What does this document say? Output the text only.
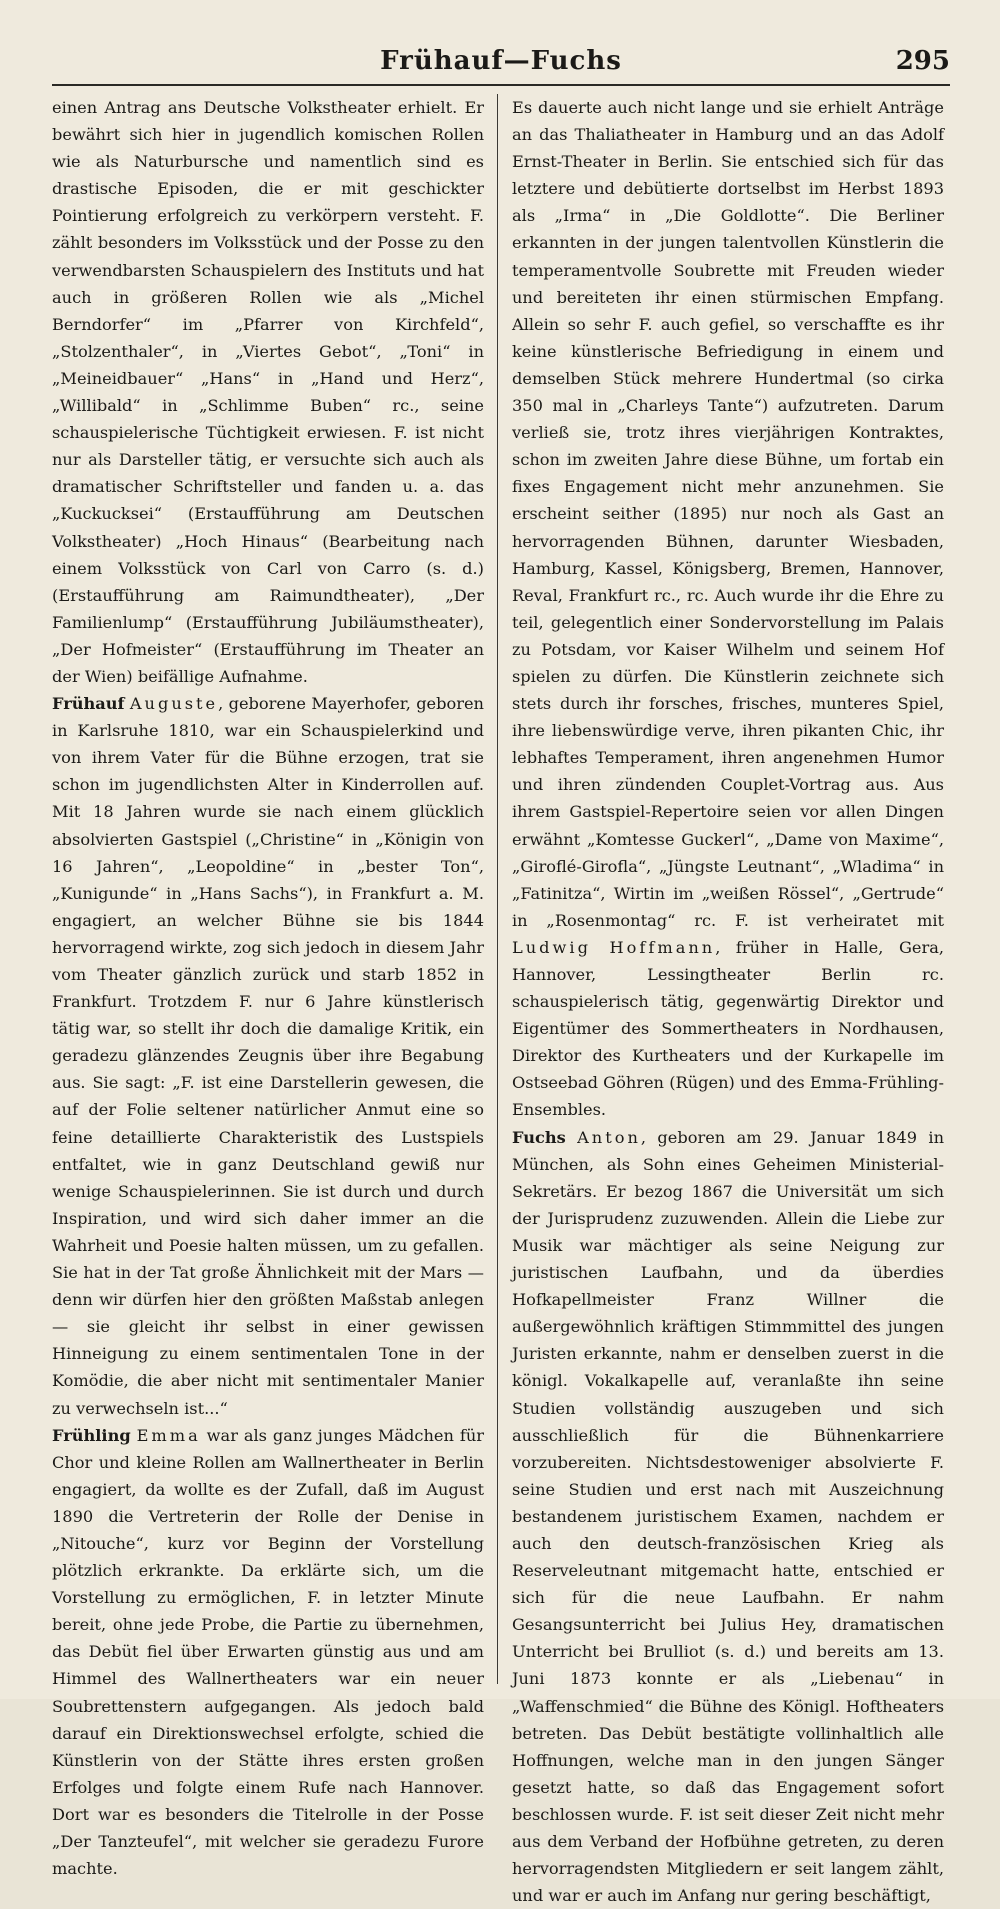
Frühauf—Fuchs	295

einen Antrag ans Deutsche Volkstheater erhielt. Er bewährt sich hier in jugendlich komischen Rollen wie als Naturbursche und namentlich sind es drastische Episoden, die er mit geschickter Pointierung erfolgreich zu verkörpern versteht. F. zählt besonders im Volksstück und der Posse zu den verwendbarsten Schauspielern des Instituts und hat auch in größeren Rollen wie als „Michel Berndorfer“ im „Pfarrer von Kirchfeld“, „Stolzenthaler“, in „Viertes Gebot“, „Toni“ in „Meineidbauer“ „Hans“ in „Hand und Herz“, „Willibald“ in „Schlimme Buben“ rc., seine schauspielerische Tüchtigkeit erwiesen. F. ist nicht nur als Darsteller tätig, er versuchte sich auch als dramatischer Schriftsteller und fanden u. a. das „Kuckucksei“ (Erstaufführung am Deutschen Volkstheater) „Hoch Hinaus“ (Bearbeitung nach einem Volksstück von Carl von Carro (s. d.) (Erstaufführung am Raimundtheater), „Der Familienlump“ (Erstaufführung Jubiläumstheater), „Der Hofmeister“ (Erstaufführung im Theater an der Wien) beifällige Aufnahme.

Frühauf Auguste, geborene Mayerhofer, geboren in Karlsruhe 1810, war ein Schauspielerkind und von ihrem Vater für die Bühne erzogen, trat sie schon im jugendlichsten Alter in Kinderrollen auf. Mit 18 Jahren wurde sie nach einem glücklich absolvierten Gastspiel („Christine“ in „Königin von 16 Jahren“, „Leopoldine“ in „bester Ton“, „Kunigunde“ in „Hans Sachs“), in Frankfurt a. M. engagiert, an welcher Bühne sie bis 1844 hervorragend wirkte, zog sich jedoch in diesem Jahr vom Theater gänzlich zurück und starb 1852 in Frankfurt. Trotzdem F. nur 6 Jahre künstlerisch tätig war, so stellt ihr doch die damalige Kritik, ein geradezu glänzendes Zeugnis über ihre Begabung aus. Sie sagt: „F. ist eine Darstellerin gewesen, die auf der Folie seltener natürlicher Anmut eine so feine detaillierte Charakteristik des Lustspiels entfaltet, wie in ganz Deutschland gewiß nur wenige Schauspielerinnen. Sie ist durch und durch Inspiration, und wird sich daher immer an die Wahrheit und Poesie halten müssen, um zu gefallen. Sie hat in der Tat große Ähnlichkeit mit der Mars — denn wir dürfen hier den größten Maßstab anlegen — sie gleicht ihr selbst in einer gewissen Hinneigung zu einem sentimentalen Tone in der Komödie, die aber nicht mit sentimentaler Manier zu verwechseln ist...“

Frühling Emma war als ganz junges Mädchen für Chor und kleine Rollen am Wallnertheater in Berlin engagiert, da wollte es der Zufall, daß im August 1890 die Vertreterin der Rolle der Denise in „Nitouche“, kurz vor Beginn der Vorstellung plötzlich erkrankte. Da erklärte sich, um die Vorstellung zu ermöglichen, F. in letzter Minute bereit, ohne jede Probe, die Partie zu übernehmen, das Debüt fiel über Erwarten günstig aus und am Himmel des Wallnertheaters war ein neuer Soubrettenstern aufgegangen. Als jedoch bald darauf ein Direktionswechsel erfolgte, schied die Künstlerin von der Stätte ihres ersten großen Erfolges und folgte einem Rufe nach Hannover. Dort war es besonders die Titelrolle in der Posse „Der Tanzteufel“, mit welcher sie geradezu Furore machte.

Es dauerte auch nicht lange und sie erhielt Anträge an das Thaliatheater in Hamburg und an das Adolf Ernst-Theater in Berlin. Sie entschied sich für das letztere und debütierte dortselbst im Herbst 1893 als „Irma“ in „Die Goldlotte“. Die Berliner erkannten in der jungen talentvollen Künstlerin die temperamentvolle Soubrette mit Freuden wieder und bereiteten ihr einen stürmischen Empfang. Allein so sehr F. auch gefiel, so verschaffte es ihr keine künstlerische Befriedigung in einem und demselben Stück mehrere Hundertmal (so cirka 350 mal in „Charleys Tante“) aufzutreten. Darum verließ sie, trotz ihres vierjährigen Kontraktes, schon im zweiten Jahre diese Bühne, um fortab ein fixes Engagement nicht mehr anzunehmen. Sie erscheint seither (1895) nur noch als Gast an hervorragenden Bühnen, darunter Wiesbaden, Hamburg, Kassel, Königsberg, Bremen, Hannover, Reval, Frankfurt rc., rc. Auch wurde ihr die Ehre zu teil, gelegentlich einer Sondervorstellung im Palais zu Potsdam, vor Kaiser Wilhelm und seinem Hof spielen zu dürfen. Die Künstlerin zeichnete sich stets durch ihr forsches, frisches, munteres Spiel, ihre liebenswürdige verve, ihren pikanten Chic, ihr lebhaftes Temperament, ihren angenehmen Humor und ihren zündenden Couplet-Vortrag aus. Aus ihrem Gastspiel-Repertoire seien vor allen Dingen erwähnt „Komtesse Guckerl“, „Dame von Maxime“, „Giroflé-Girofla“, „Jüngste Leutnant“, „Wladimа“ in „Fatinitza“, Wirtin im „weißen Rössel“, „Gertrude“ in „Rosenmontag“ rc. F. ist verheiratet mit Ludwig Hoffmann, früher in Halle, Gera, Hannover, Lessingtheater Berlin rc. schauspielerisch tätig, gegenwärtig Direktor und Eigentümer des Sommertheaters in Nordhausen, Direktor des Kurtheaters und der Kurkapelle im Ostseebad Göhren (Rügen) und des Emma-Frühling-Ensembles.

Fuchs Anton, geboren am 29. Januar 1849 in München, als Sohn eines Geheimen Ministerial-Sekretärs. Er bezog 1867 die Universität um sich der Jurisprudenz zuzuwenden. Allein die Liebe zur Musik war mächtiger als seine Neigung zur juristischen Laufbahn, und da überdies Hofkapellmeister Franz Willner die außergewöhnlich kräftigen Stimmmittel des jungen Juristen erkannte, nahm er denselben zuerst in die königl. Vokalkapelle auf, veranlaßte ihn seine Studien vollständig auszugeben und sich ausschließlich für die Bühnenkarriere vorzubereiten. Nichtsdestoweniger absolvierte F. seine Studien und erst nach mit Auszeichnung bestandenem juristischem Examen, nachdem er auch den deutsch-französischen Krieg als Reserveleutnant mitgemacht hatte, entschied er sich für die neue Laufbahn. Er nahm Gesangsunterricht bei Julius Hey, dramatischen Unterricht bei Brulliot (s. d.) und bereits am 13. Juni 1873 konnte er als „Liebenau“ in „Waffenschmied“ die Bühne des Königl. Hoftheaters betreten. Das Debüt bestätigte vollinhaltlich alle Hoffnungen, welche man in den jungen Sänger gesetzt hatte, so daß das Engagement sofort beschlossen wurde. F. ist seit dieser Zeit nicht mehr aus dem Verband der Hofbühne getreten, zu deren hervorragendsten Mitgliedern er seit langem zählt, und war er auch im Anfang nur gering beschäftigt,
